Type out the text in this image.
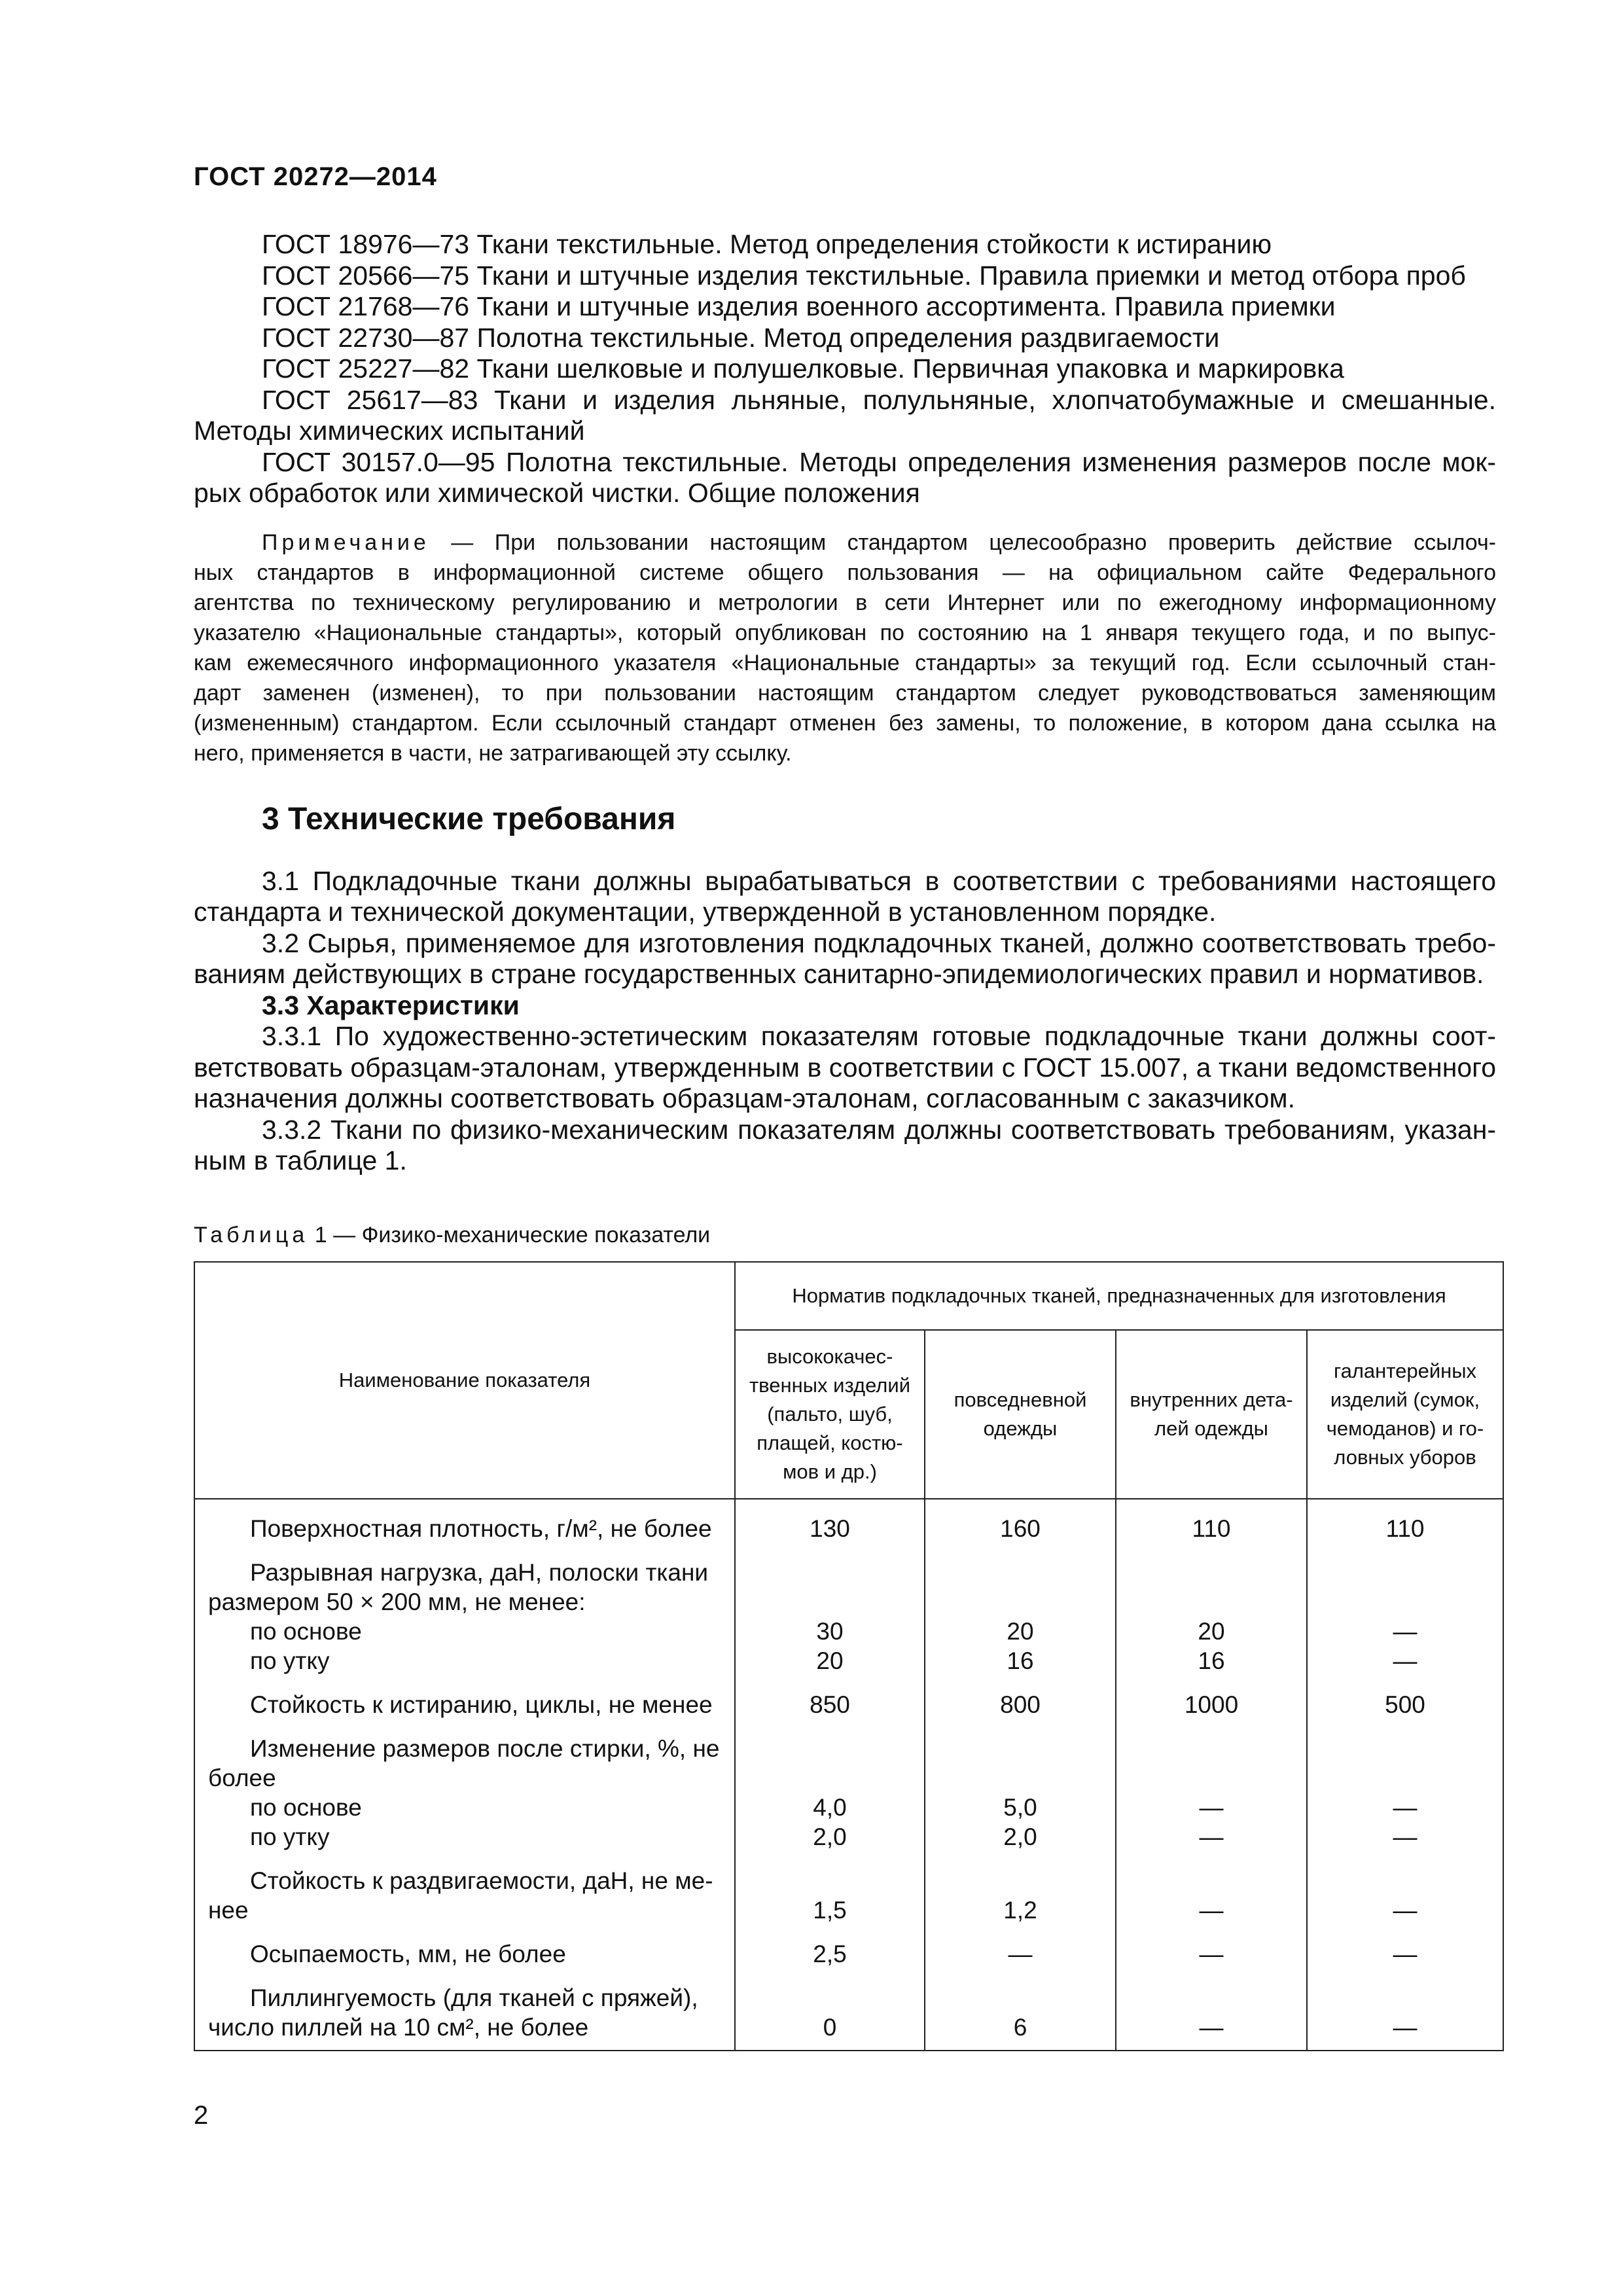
ГОСТ 20272—2014

ГОСТ 18976—73 Ткани текстильные. Метод определения стойкости к истиранию

ГОСТ 20566—75 Ткани и штучные изделия текстильные. Правила приемки и метод отбора проб

ГОСТ 21768—76 Ткани и штучные изделия военного ассортимента. Правила приемки

ГОСТ 22730—87 Полотна текстильные. Метод определения раздвигаемости

ГОСТ 25227—82 Ткани шелковые и полушелковые. Первичная упаковка и маркировка

ГОСТ 25617—83 Ткани и изделия льняные, полульняные, хлопчатобумажные и смешанные.

Методы химических испытаний

ГОСТ 30157.0—95 Полотна текстильные. Методы определения изменения размеров после мок-

рых обработок или химической чистки. Общие положения

Примечание — При пользовании настоящим стандартом целесообразно проверить действие ссылоч-
ных стандартов в информационной системе общего пользования — на официальном сайте Федерального
агентства по техническому регулированию и метрологии в сети Интернет или по ежегодному информационному
указателю «Национальные стандарты», который опубликован по состоянию на 1 января текущего года, и по выпус-
кам ежемесячного информационного указателя «Национальные стандарты» за текущий год. Если ссылочный стан-
дарт заменен (изменен), то при пользовании настоящим стандартом следует руководствоваться заменяющим
(измененным) стандартом. Если ссылочный стандарт отменен без замены, то положение, в котором дана ссылка на
него, применяется в части, не затрагивающей эту ссылку.
3 Технические требования

3.1 Подкладочные ткани должны вырабатываться в соответствии с требованиями настоящего

стандарта и технической документации, утвержденной в установленном порядке.

3.2 Сырья, применяемое для изготовления подкладочных тканей, должно соответствовать требо-

ваниям действующих в стране государственных санитарно-эпидемиологических правил и нормативов.

3.3 Характеристики

3.3.1 По художественно-эстетическим показателям готовые подкладочные ткани должны соот-

ветствовать образцам-эталонам, утвержденным в соответствии с ГОСТ 15.007, а ткани ведомственного

назначения должны соответствовать образцам-эталонам, согласованным с заказчиком.

3.3.2 Ткани по физико-механическим показателям должны соответствовать требованиям, указан-

ным в таблице 1.

Таблица 1 — Физико-механические показатели
Наименование показателя	Норматив подкладочных тканей, предназначенных для изготовления			
	высококачес-
твенных изделий
(пальто, шуб,
плащей, костю-
мов и др.)	повседневной
одежды	внутренних дета-
лей одежды	галантерейных
изделий (сумок,
чемоданов) и го-
ловных уборов

Поверхностная плотность, г/м², не более	130	160	110	110

Разрывная нагрузка, даН, полоски ткани
размером 50 × 200 мм, не менее:				

по основе	30	20	20	—

по утку	20	16	16	—

Стойкость к истиранию, циклы, не менее	850	800	1000	500

Изменение размеров после стирки, %, не
более				

по основе	4,0	5,0	—	—

по утку	2,0	2,0	—	—

Стойкость к раздвигаемости, даН, не ме-
нее	1,5	1,2	—	—

Осыпаемость, мм, не более	2,5	—	—	—

Пиллингуемость (для тканей с пряжей),
число пиллей на 10 см², не более	0	6	—	—
2
